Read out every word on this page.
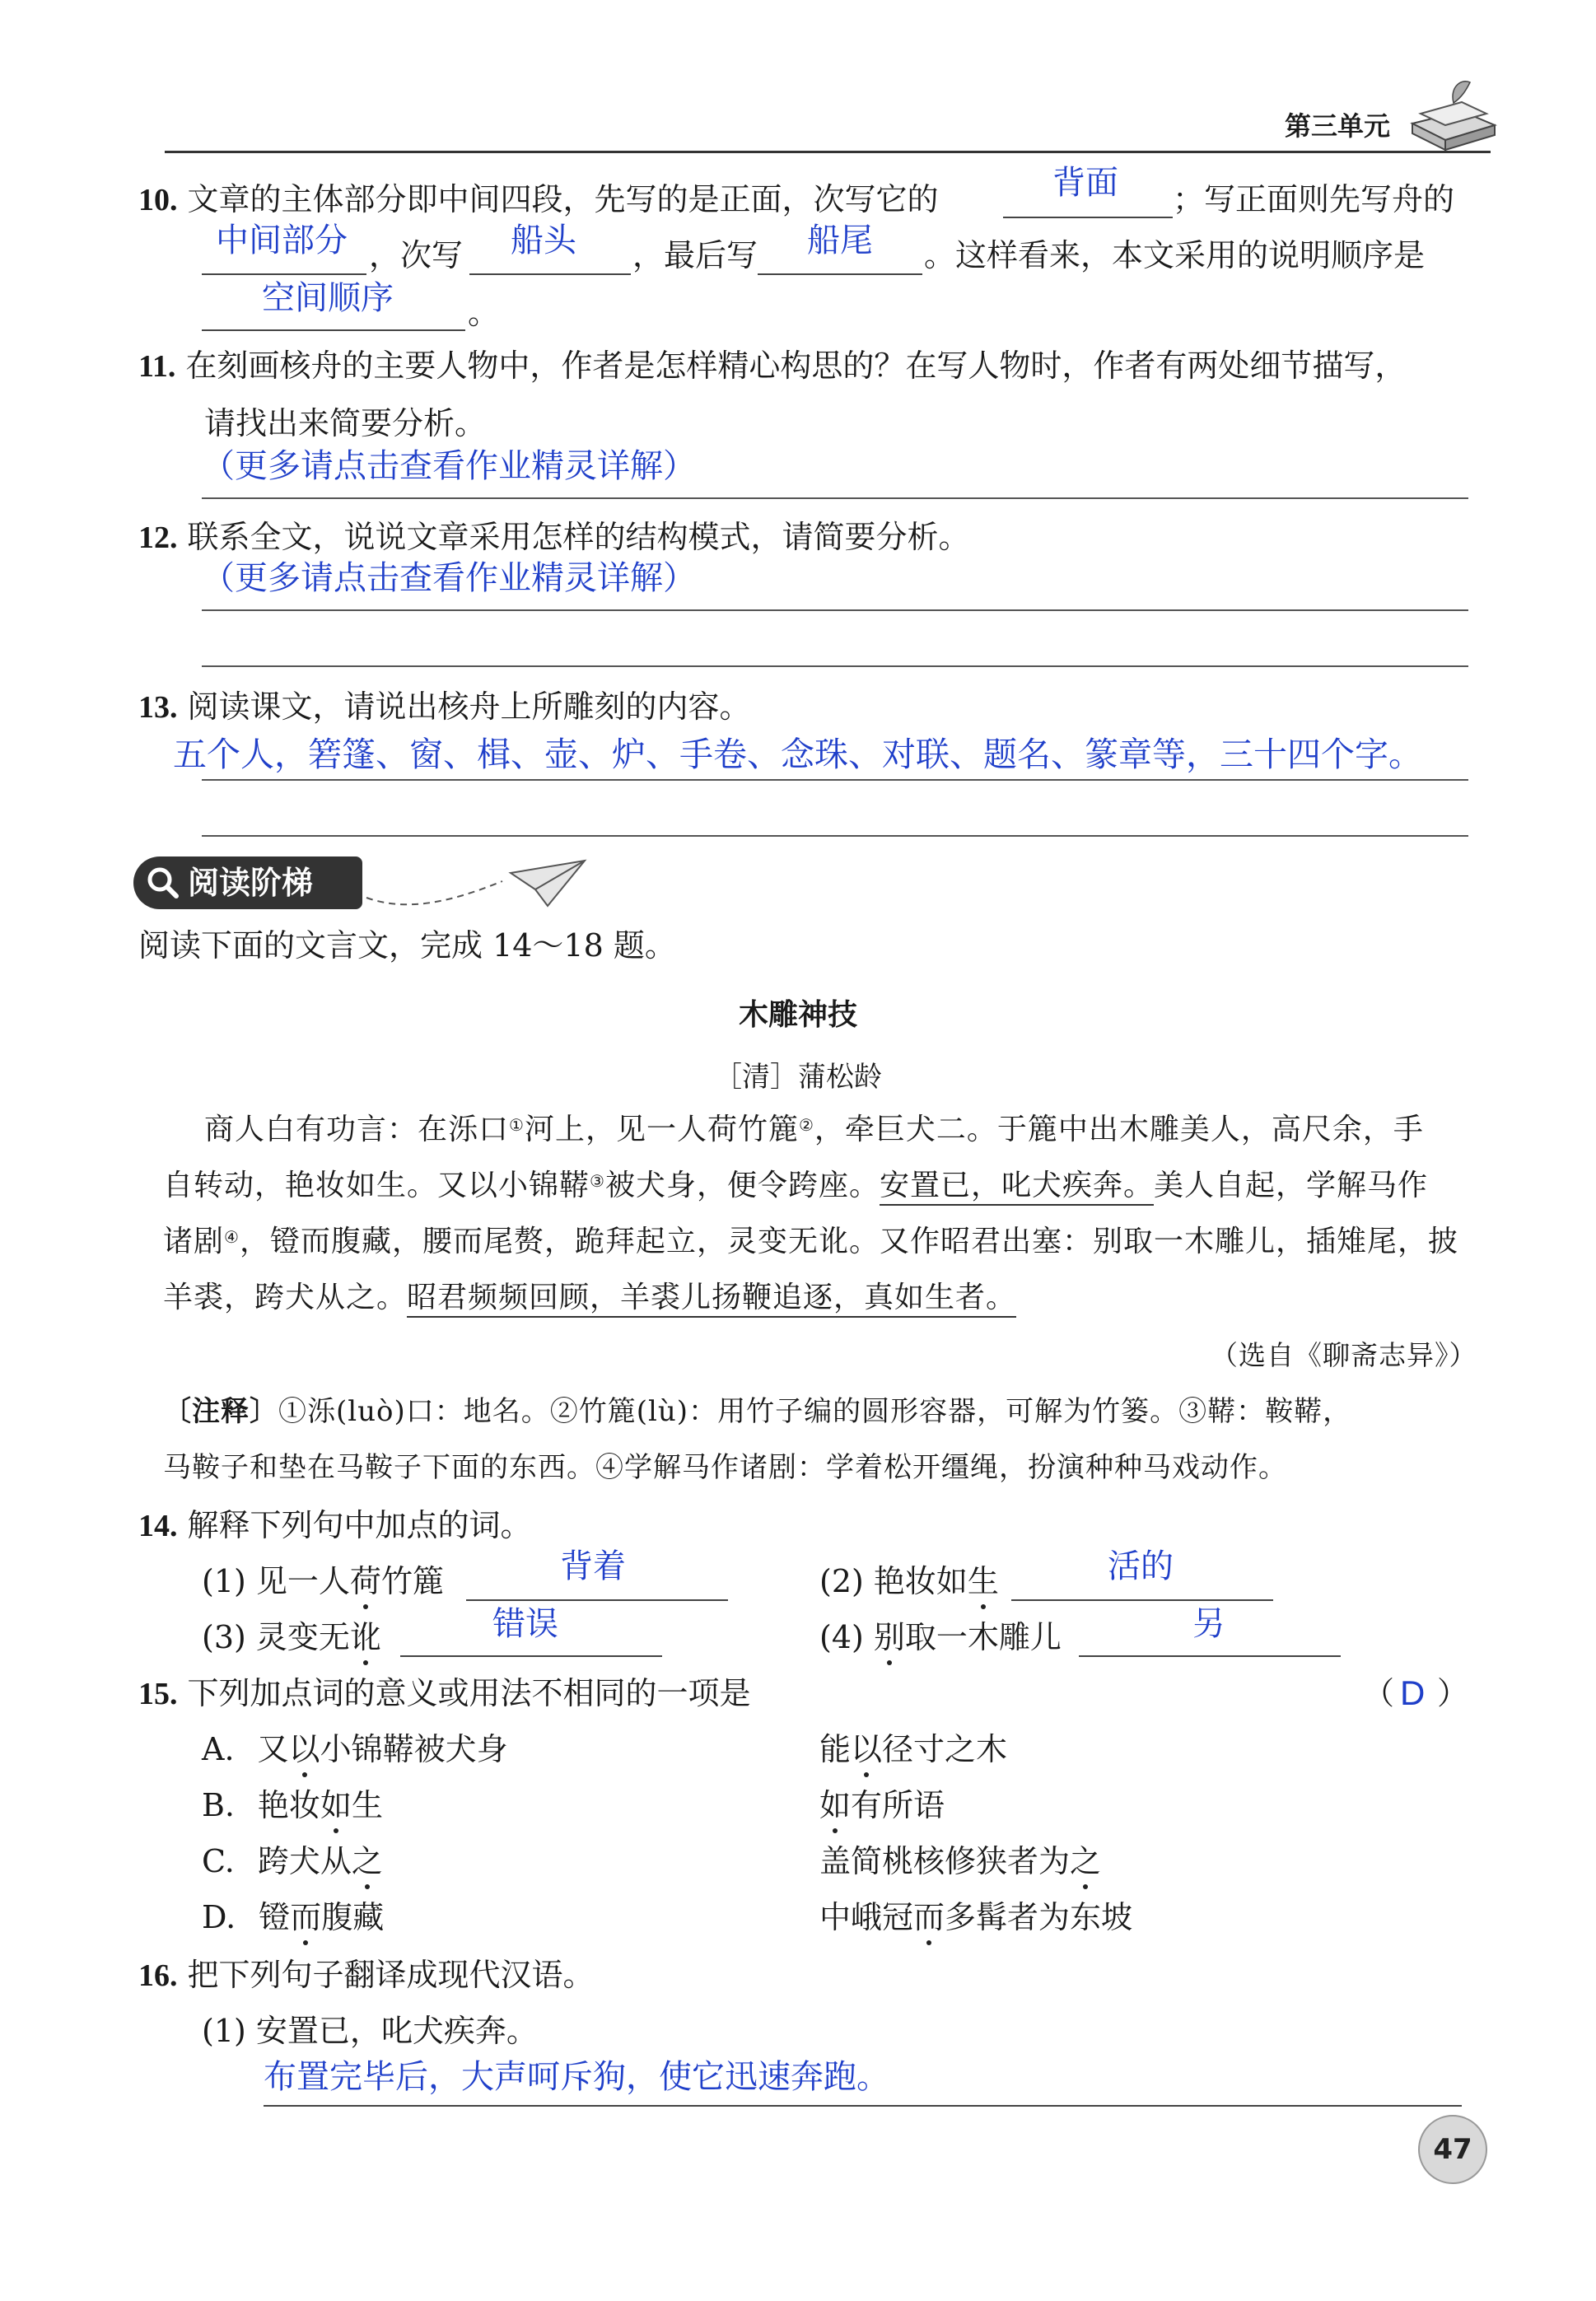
第三单元
10. 文章的主体部分即中间四段，先写的是正面，次写它的	背面 ；写正面则先写舟的
中间部分 ，次写 船头 ，最后写 船尾 。这样看来，本文采用的说明顺序是
空间顺序 。
11. 在刻画核舟的主要人物中，作者是怎样精心构思的？在写人物时，作者有两处细节描写，
请找出来简要分析。
（更多请点击查看作业精灵详解）
12. 联系全文，说说文章采用怎样的结构模式，请简要分析。
（更多请点击查看作业精灵详解）
13. 阅读课文，请说出核舟上所雕刻的内容。
五个人，箬篷、窗、楫、壶、炉、手卷、念珠、对联、题名、篆章等，三十四个字。
阅读阶梯
阅读下面的文言文，完成 14～18 题。
木雕神技
［清］蒲松龄
商人白有功言：在泺口①河上，见一人荷竹簏②，牵巨犬二。于簏中出木雕美人，高尺余，手
自转动，艳妆如生。又以小锦鞯③被犬身，便令跨座。安置已，叱犬疾奔。美人自起，学解马作
诸剧④，镫而腹藏，腰而尾赘，跪拜起立，灵变无讹。又作昭君出塞：别取一木雕儿，插雉尾，披
羊裘，跨犬从之。昭君频频回顾，羊裘儿扬鞭追逐，真如生者。
（选自《聊斋志异》）
〔注释〕①泺(luò)口：地名。②竹簏(lù)：用竹子编的圆形容器，可解为竹篓。③鞯：鞍鞯，
马鞍子和垫在马鞍子下面的东西。④学解马作诸剧：学着松开缰绳，扮演种种马戏动作。
14. 解释下列句中加点的词。
(1) 见一人荷竹簏	背着	(2) 艳妆如生	活的
(3) 灵变无讹	错误	(4) 别取一木雕儿	另
15. 下列加点词的意义或用法不相同的一项是	（ D ）
A. 又以小锦鞯被犬身	能以径寸之木
B. 艳妆如生	如有所语
C. 跨犬从之	盖简桃核修狭者为之
D. 镫而腹藏	中峨冠而多髯者为东坡
16. 把下列句子翻译成现代汉语。
(1) 安置已，叱犬疾奔。
布置完毕后，大声呵斥狗，使它迅速奔跑。
47
